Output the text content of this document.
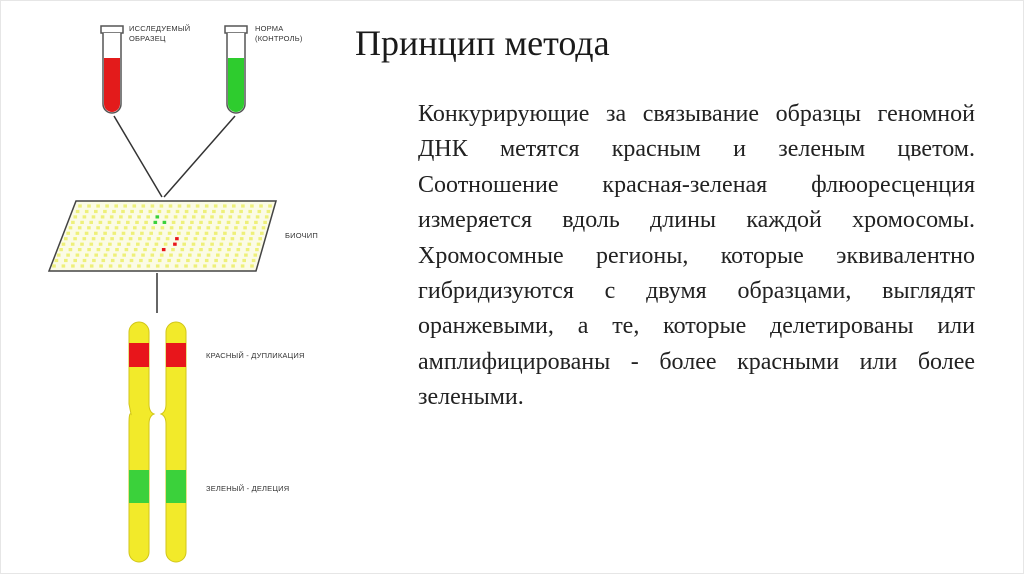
ИССЛЕДУЕМЫЙ
ОБРАЗЕЦ
НОРМА
(КОНТРОЛЬ)
БИОЧИП
КРАСНЫЙ - ДУПЛИКАЦИЯ
ЗЕЛЕНЫЙ - ДЕЛЕЦИЯ
Принцип метода
Конкурирующие за связывание образцы геномной ДНК метятся красным и зеленым цветом. Соотношение красная-зеленая флюоресценция измеряется вдоль длины каждой хромосомы. Хромосомные регионы, которые эквивалентно гибридизуются с двумя образцами, выглядят оранжевыми, а те, которые делетированы или амплифицированы - более красными или более зелеными.
